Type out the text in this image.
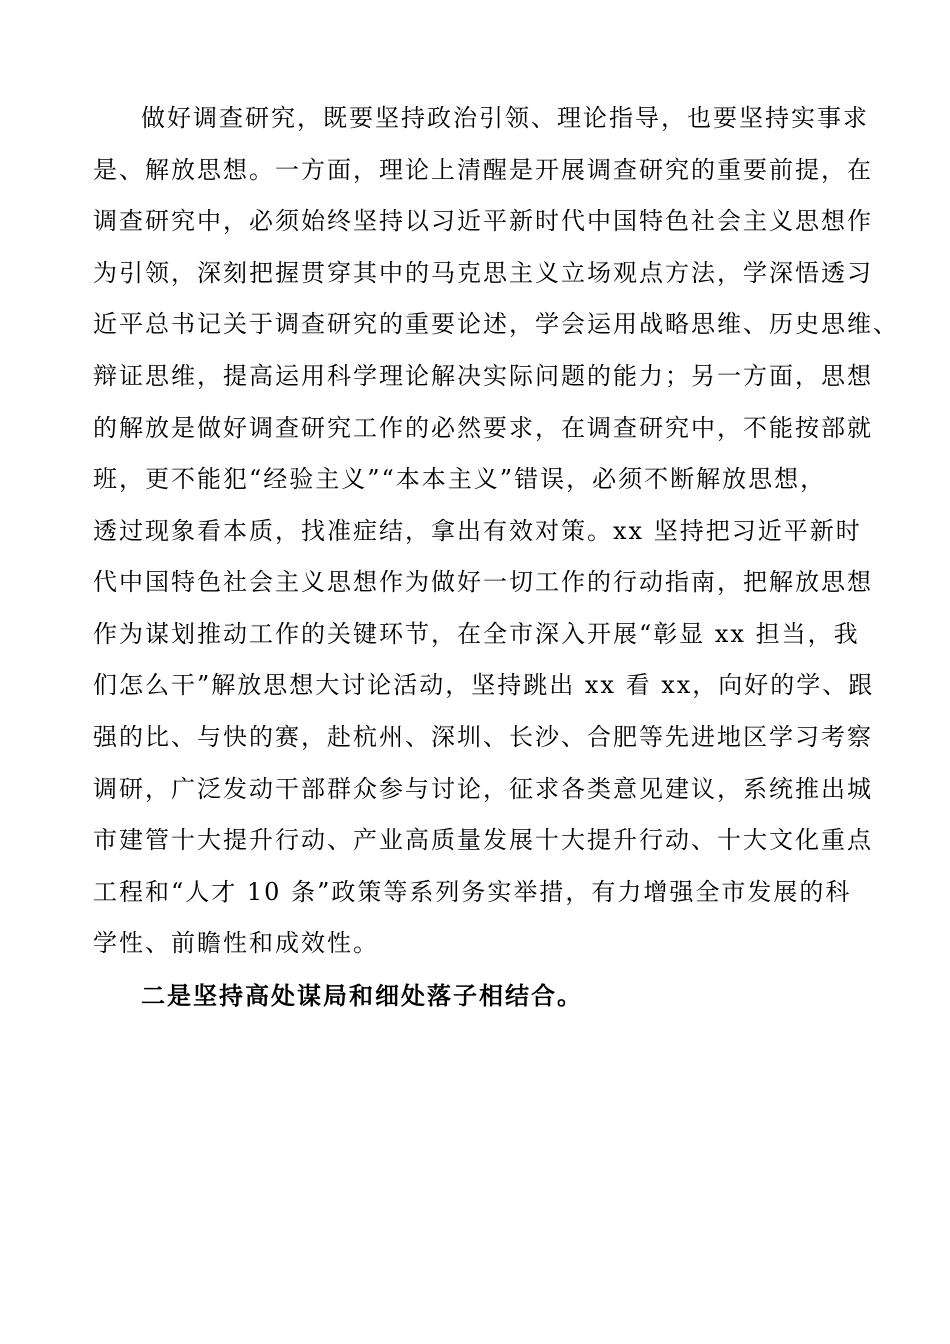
做好调查研究，既要坚持政治引领、理论指导，也要坚持实事求
是、解放思想。一方面，理论上清醒是开展调查研究的重要前提，在
调查研究中，必须始终坚持以习近平新时代中国特色社会主义思想作
为引领，深刻把握贯穿其中的马克思主义立场观点方法，学深悟透习
近平总书记关于调查研究的重要论述，学会运用战略思维、历史思维、
辩证思维，提高运用科学理论解决实际问题的能力；另一方面，思想
的解放是做好调查研究工作的必然要求，在调查研究中，不能按部就
班，更不能犯“经验主义”“本本主义”错误，必须不断解放思想，
透过现象看本质，找准症结，拿出有效对策。xx 坚持把习近平新时
代中国特色社会主义思想作为做好一切工作的行动指南，把解放思想
作为谋划推动工作的关键环节，在全市深入开展“彰显 xx 担当，我
们怎么干”解放思想大讨论活动，坚持跳出 xx 看 xx，向好的学、跟
强的比、与快的赛，赴杭州、深圳、长沙、合肥等先进地区学习考察
调研，广泛发动干部群众参与讨论，征求各类意见建议，系统推出城
市建管十大提升行动、产业高质量发展十大提升行动、十大文化重点
工程和“人才 10 条”政策等系列务实举措，有力增强全市发展的科
学性、前瞻性和成效性。
二是坚持高处谋局和细处落子相结合。
